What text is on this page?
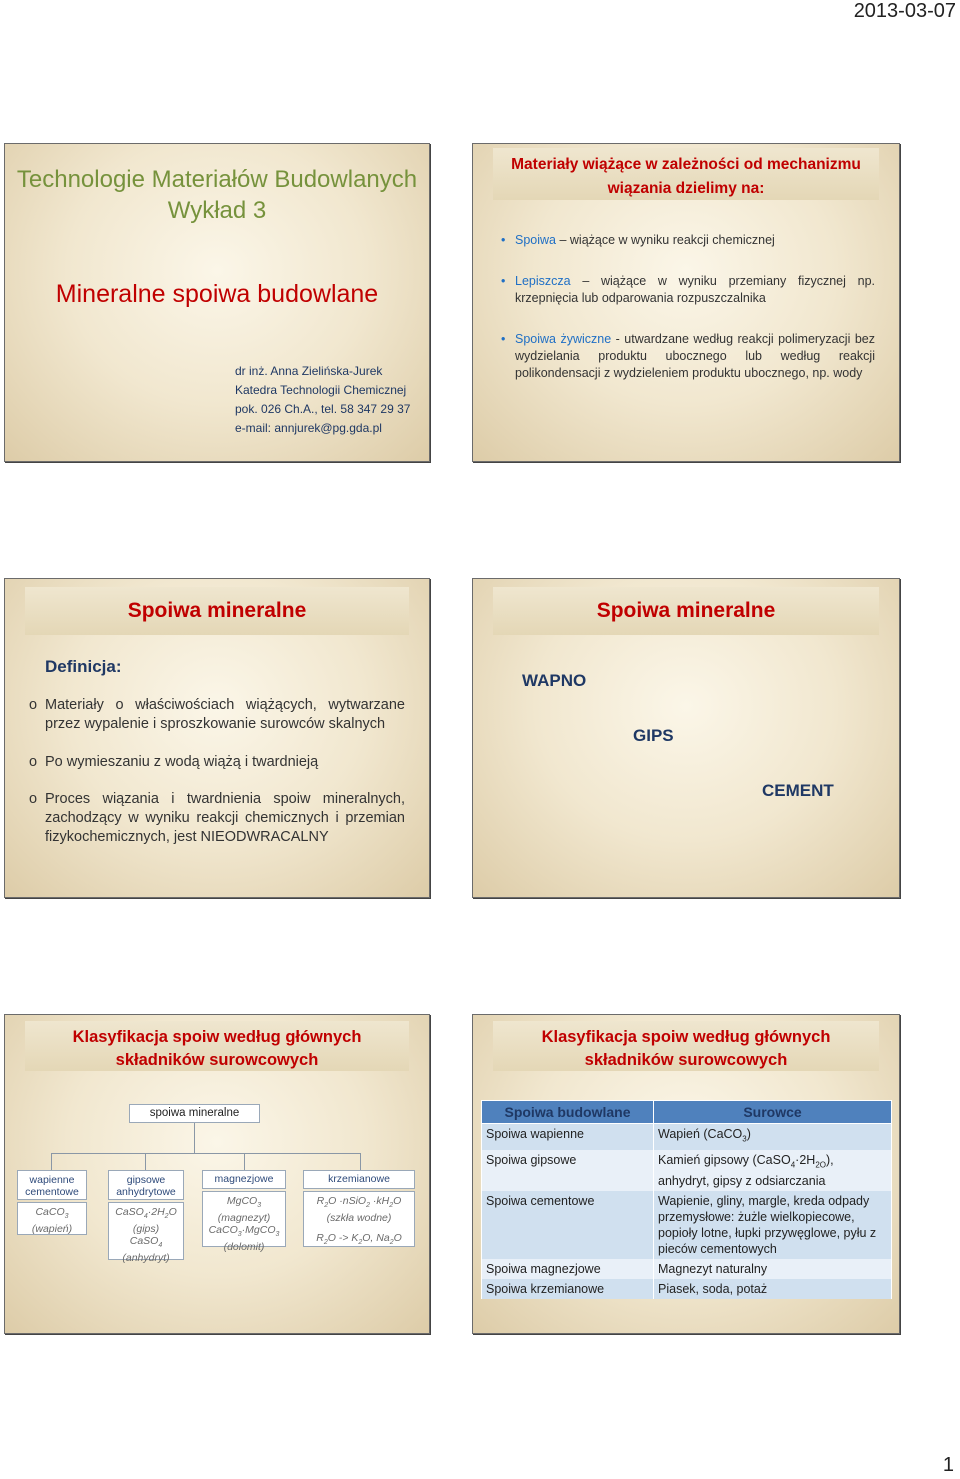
2013-03-07
Technologie Materiałów Budowlanych
Wykład 3
Mineralne spoiwa budowlane
dr inż. Anna Zielińska-Jurek
Katedra Technologii Chemicznej
pok. 026 Ch.A., tel. 58 347 29 37
e-mail: annjurek@pg.gda.pl
Materiały wiążące w zależności od mechanizmu
wiązania dzielimy na:
• Spoiwa – wiążące w wyniku reakcji chemicznej
• Lepiszcza – wiążące w wyniku przemiany fizycznej np. krzepnięcia lub odparowania rozpuszczalnika
• Spoiwa żywiczne - utwardzane według reakcji polimeryzacji bez wydzielania produktu ubocznego lub według reakcji polikondensacji z wydzieleniem produktu ubocznego, np. wody
Spoiwa mineralne
Definicja:
o Materiały o właściwościach wiążących, wytwarzane przez wypalenie i sproszkowanie surowców skalnych
o Po wymieszaniu z wodą wiążą i twardnieją
o Proces wiązania i twardnienia spoiw mineralnych, zachodzący w wyniku reakcji chemicznych i przemian fizykochemicznych, jest NIEODWRACALNY
Spoiwa mineralne
WAPNO
GIPS
CEMENT
Klasyfikacja spoiw według głównych
składników surowcowych
spoiwa mineralne
wapienne
cementowe
CaCO$_3$
(wapień)
gipsowe
anhydrytowe
$CaSO_4\cdot 2H_2O$
(gips)
CaSO$_4$
(anhydryt)
magnezjowe
MgCO$_3$
(magnezyt)
CaCO$_3$·MgCO$_3$
(dolomit)
krzemianowe
$R_2O$ ·nSiO$_2$ $\cdot kH_2O$
(szkła wodne)
$R_2O -> K_2O$, $Na_2O$
Klasyfikacja spoiw według głównych
składników surowcowych
Spoiwa budowlane	Surowce
Spoiwa wapienne	Wapień (CaCO$_3$)
Spoiwa gipsowe	Kamień gipsowy $(CaSO_4\cdot 2H_{2O})$,
anhydryt, gipsy z odsiarczania
Spoiwa cementowe	Wapienie, gliny, margle, kreda odpady przemysłowe: żużle wielkopiecowe, popioły lotne, łupki przywęglowe, pyłu z pieców cementowych
Spoiwa magnezjowe	Magnezyt naturalny
Spoiwa krzemianowe	Piasek, soda, potaż
1
